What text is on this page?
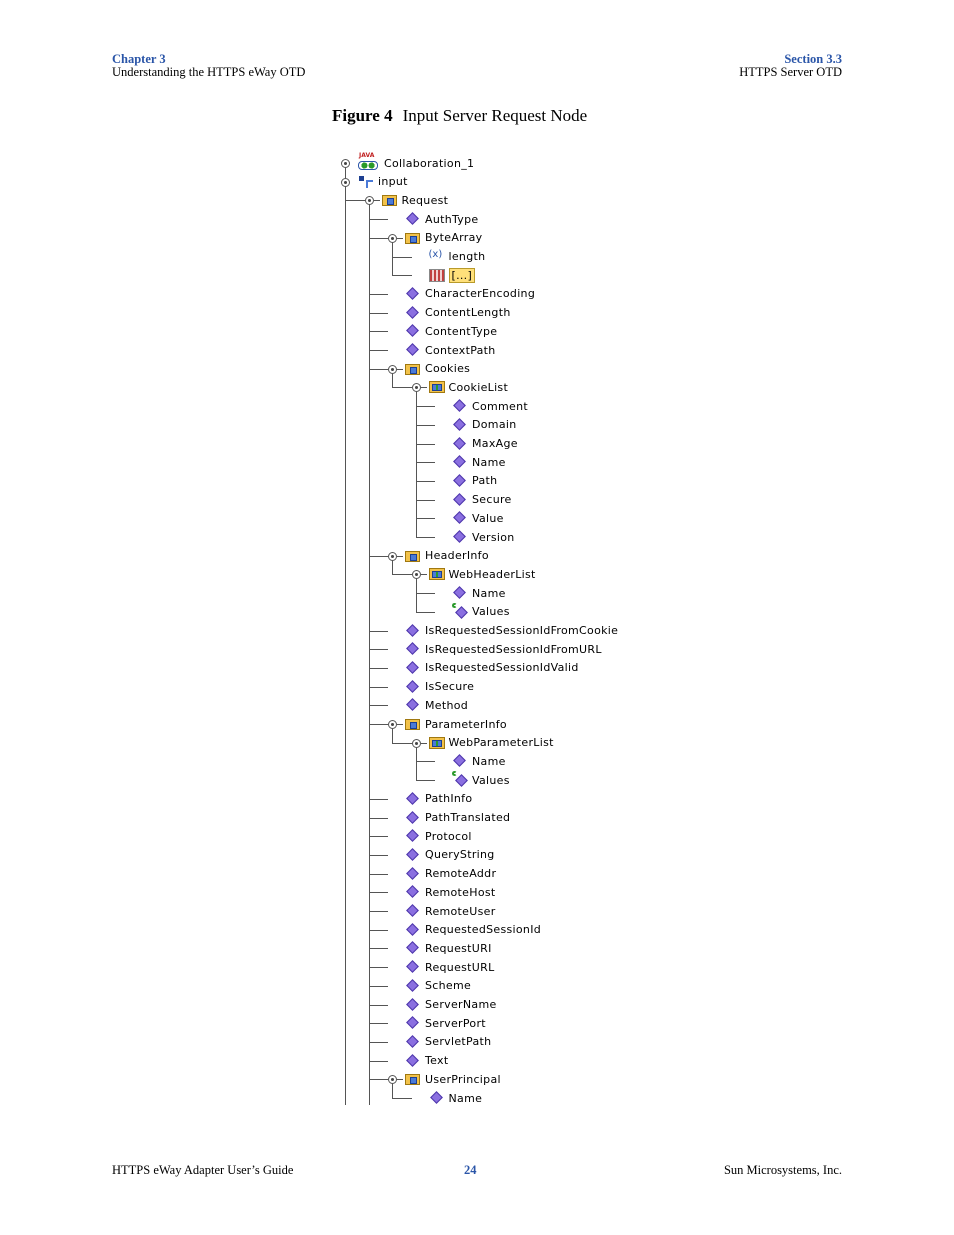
Chapter 3
Understanding the HTTPS eWay OTD
Section 3.3
HTTPS Server OTD
Figure 4 Input Server Request Node
JAVA
Collaboration_1
input
Request
AuthType
ByteArray
(x)
length
[...]
CharacterEncoding
ContentLength
ContentType
ContextPath
Cookies
CookieList
Comment
Domain
MaxAge
Name
Path
Secure
Value
Version
HeaderInfo
WebHeaderList
Name
Values
IsRequestedSessionIdFromCookie
IsRequestedSessionIdFromURL
IsRequestedSessionIdValid
IsSecure
Method
ParameterInfo
WebParameterList
Name
Values
PathInfo
PathTranslated
Protocol
QueryString
RemoteAddr
RemoteHost
RemoteUser
RequestedSessionId
RequestURI
RequestURL
Scheme
ServerName
ServerPort
ServletPath
Text
UserPrincipal
Name
HTTPS eWay Adapter User’s Guide	24	Sun Microsystems, Inc.
